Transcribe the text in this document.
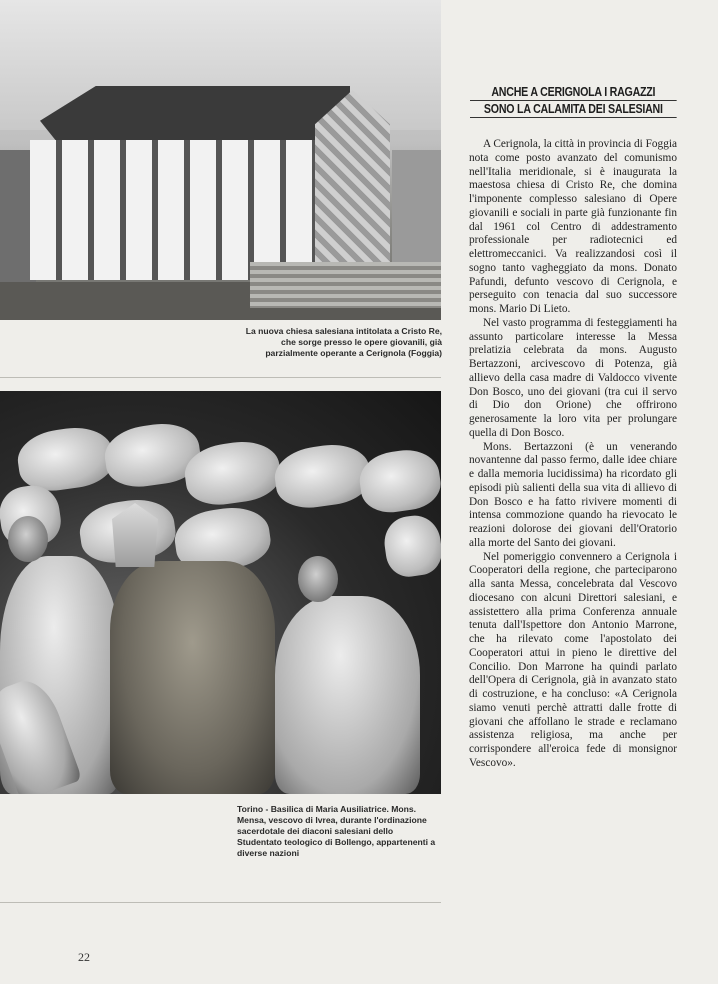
La nuova chiesa salesiana intitolata a Cristo Re, che sorge presso le opere giovanili, già parzialmente operante a Cerignola (Foggia)

Torino - Basilica di Maria Ausiliatrice. Mons. Mensa, vescovo di Ivrea, durante l'ordinazione sacerdotale dei diaconi salesiani dello Studentato teologico di Bollengo, appartenenti a diverse nazioni

ANCHE A CERIGNOLA I RAGAZZI
SONO LA CALAMITA DEI SALESIANI

A Cerignola, la città in provincia di Foggia nota come posto avanzato del comunismo nell'Italia meridionale, si è inaugurata la maestosa chiesa di Cristo Re, che domina l'imponente complesso salesiano di Opere giovanili e sociali in parte già funzionante fin dal 1961 col Centro di addestramento professionale per radiotecnici ed elettromeccanici. Va realizzandosi così il sogno tanto vagheggiato da mons. Donato Pafundi, defunto vescovo di Cerignola, e perseguito con tenacia dal suo successore mons. Mario Di Lieto.

Nel vasto programma di festeggiamenti ha assunto particolare interesse la Messa prelatizia celebrata da mons. Augusto Bertazzoni, arcivescovo di Potenza, già allievo della casa madre di Valdocco vivente Don Bosco, uno dei giovani (tra cui il servo di Dio don Orione) che offrirono generosamente la loro vita per prolungare quella di Don Bosco.

Mons. Bertazzoni (è un venerando novantenne dal passo fermo, dalle idee chiare e dalla memoria lucidissima) ha ricordato gli episodi più salienti della sua vita di allievo di Don Bosco e ha fatto rivivere momenti di intensa commozione quando ha rievocato le reazioni dolorose dei giovani dell'Oratorio alla morte del Santo dei giovani.

Nel pomeriggio convennero a Cerignola i Cooperatori della regione, che parteciparono alla santa Messa, concelebrata dal Vescovo diocesano con alcuni Direttori salesiani, e assistettero alla prima Conferenza annuale tenuta dall'Ispettore don Antonio Marrone, che ha rilevato come l'apostolato dei Cooperatori attui in pieno le direttive del Concilio. Don Marrone ha quindi parlato dell'Opera di Cerignola, già in avanzato stato di costruzione, e ha concluso: «A Cerignola siamo venuti perchè attratti dalle frotte di giovani che affollano le strade e reclamano assistenza religiosa, ma anche per corrispondere all'eroica fede di monsignor Vescovo».

22
